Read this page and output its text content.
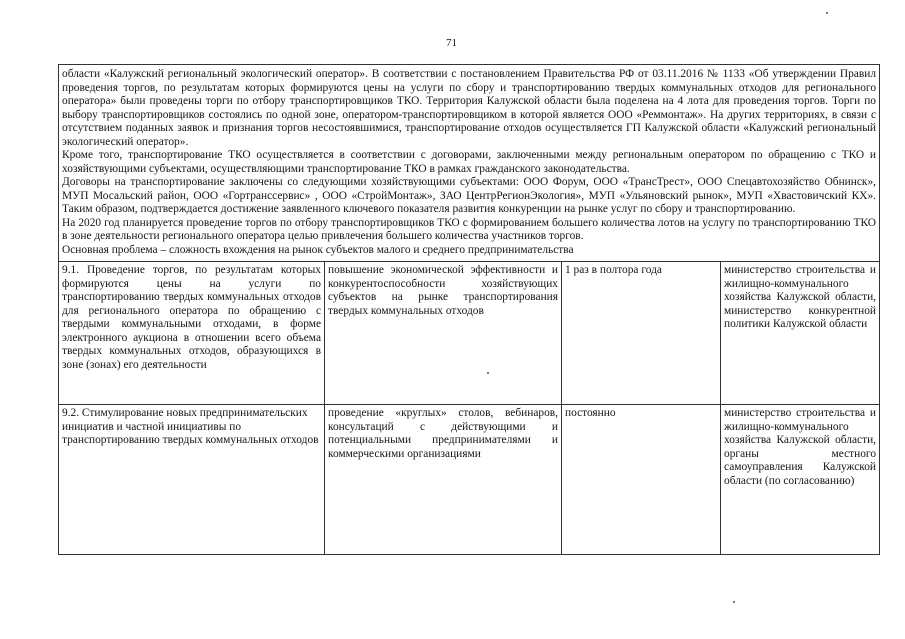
71

области «Калужский региональный экологический оператор». В соответствии с постановлением Правительства РФ от 03.11.2016 № 1133 «Об утверждении Правил проведения торгов, по результатам которых формируются цены на услуги по сбору и транспортированию твердых коммунальных отходов для регионального оператора» были проведены торги по отбору транспортировщиков ТКО. Территория Калужской области была поделена на 4 лота для проведения торгов. Торги по выбору транспортировщиков состоялись по одной зоне, оператором-транспортировщиком в которой является ООО «Реммонтаж». На других территориях, в связи с отсутствием поданных заявок и признания торгов несостоявшимися, транспортирование отходов осуществляется ГП Калужской области «Калужский региональный экологический оператор».

Кроме того, транспортирование ТКО осуществляется в соответствии с договорами, заключенными между региональным оператором по обращению с ТКО и хозяйствующими субъектами, осуществляющими транспортирование ТКО в рамках гражданского законодательства.

Договоры на транспортирование заключены со следующими хозяйствующими субъектами: ООО Форум, ООО «ТрансТрест», ООО Спецавтохозяйство Обнинск», МУП Мосальский район, ООО «Гортранссервис» , ООО «СтройМонтаж», ЗАО ЦентрРегионЭкология», МУП «Ульяновский рынок», МУП «Хвастовичский КХ». Таким образом, подтверждается достижение заявленного ключевого показателя развития конкуренции на рынке услуг по сбору и транспортированию.

На 2020 год планируется проведение торгов по отбору транспортировщиков ТКО с формированием большего количества лотов на услугу по транспортированию ТКО в зоне деятельности регионального оператора целью привлечения большего количества участников торгов.

Основная проблема – сложность вхождения на рынок субъектов малого и среднего предпринимательства			

9.1. Проведение торгов, по результатам которых формируются цены на услуги по транспортированию твердых коммунальных отходов для регионального оператора по обращению с твердыми коммунальными отходами, в форме электронного аукциона в отношении всего объема твердых коммунальных отходов, образующихся в зоне (зонах) его деятельности	повышение экономической эффективности и конкурентоспособности хозяйствующих субъектов на рынке транспортирования твердых коммунальных отходов	1 раз в полтора года	министерство строительства и жилищно-коммунального хозяйства Калужской области, министерство конкурентной политики Калужской области

9.2. Стимулирование новых предпринимательских инициатив и частной инициативы по транспортированию твердых коммунальных отходов	проведение «круглых» столов, вебинаров, консультаций с действующими и потенциальными предпринимателями и коммерческими организациями	постоянно	министерство строительства и жилищно-коммунального хозяйства Калужской области, органы местного самоуправления Калужской области (по согласованию)
